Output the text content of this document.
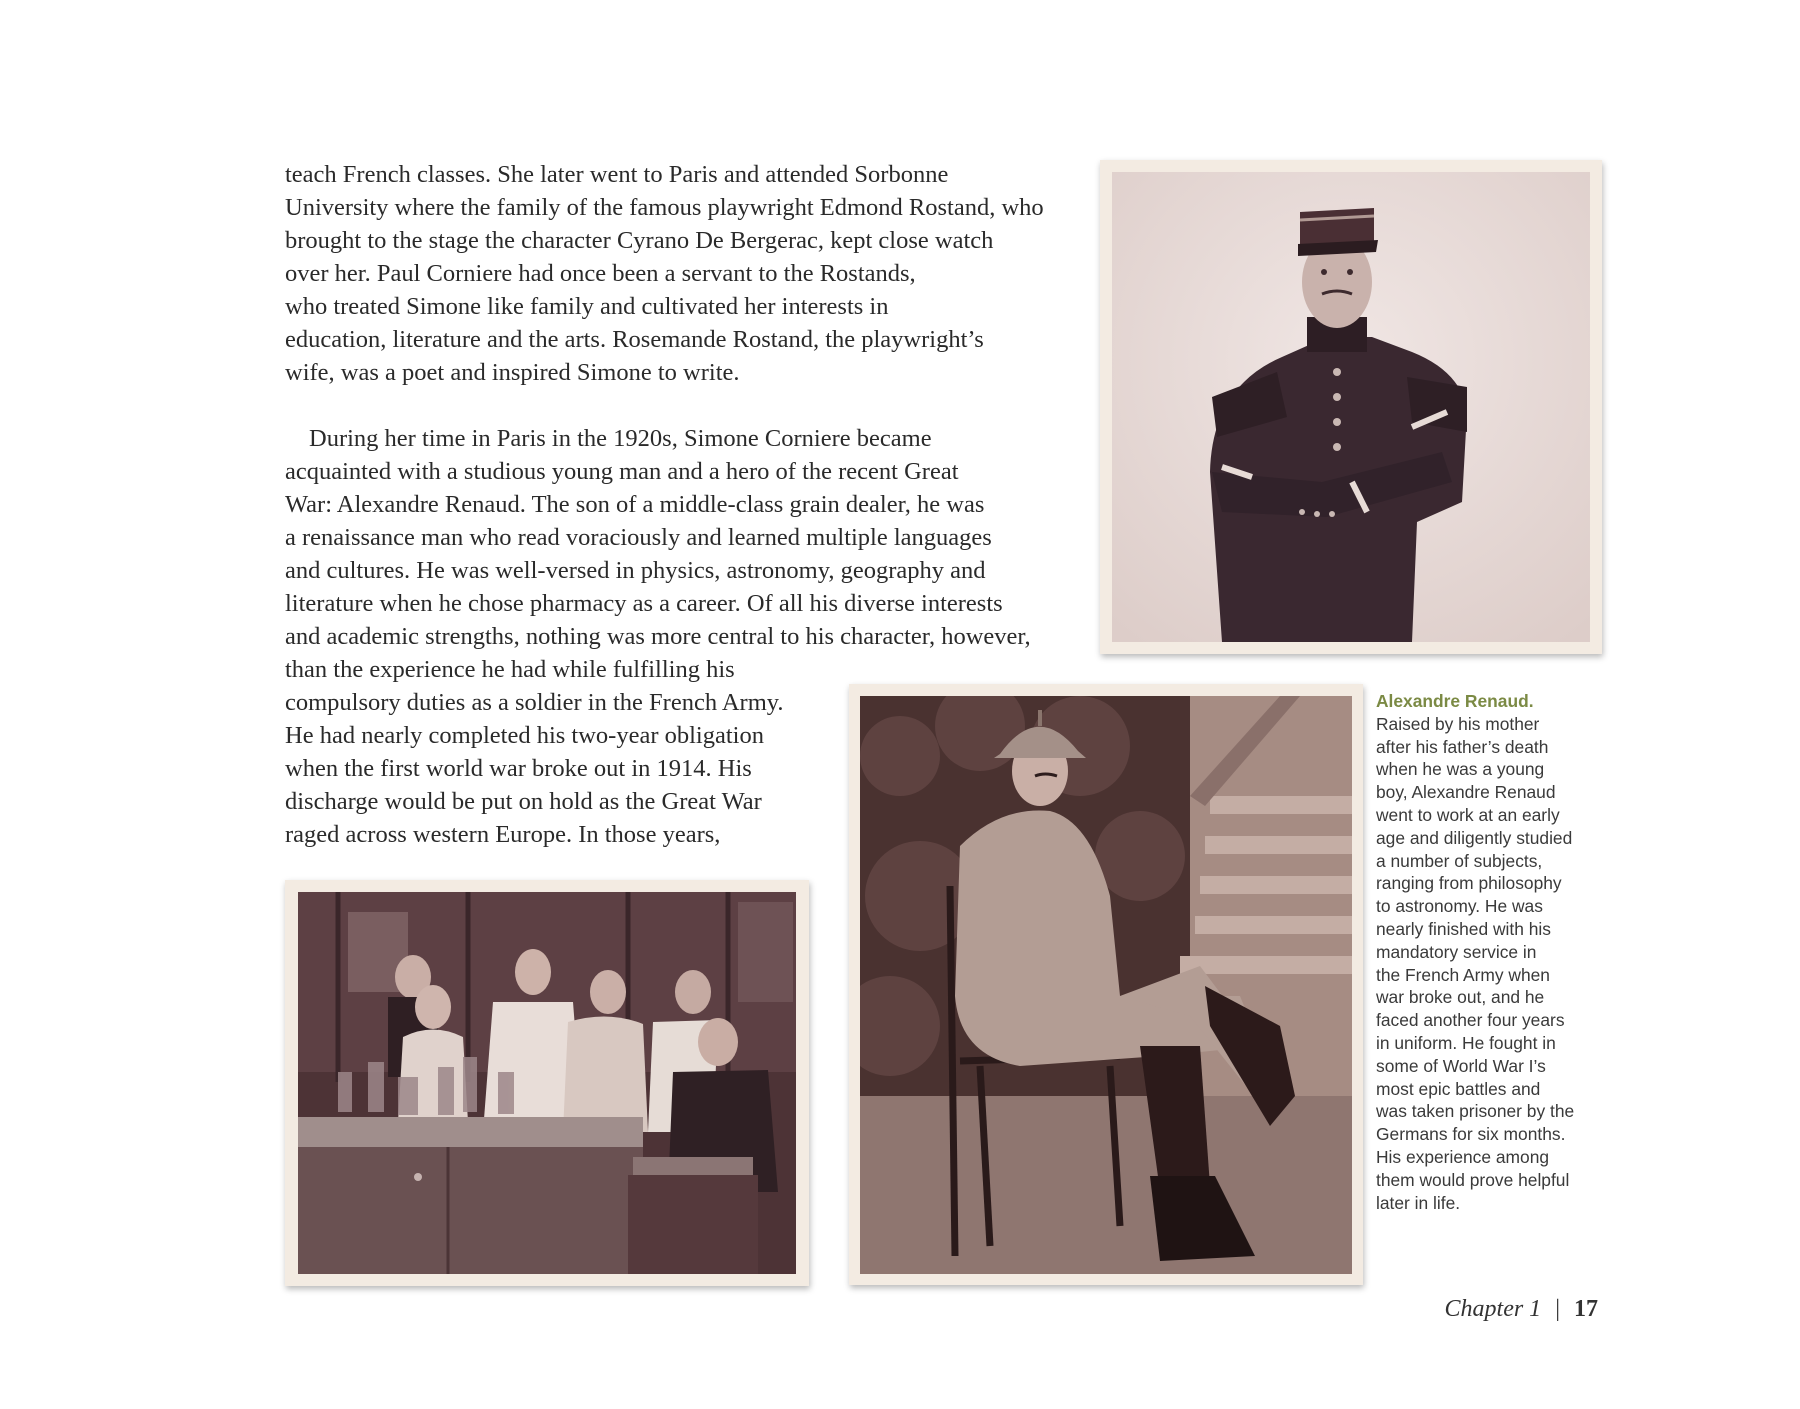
teach French classes. She later went to Paris and attended Sorbonne
University where the family of the famous playwright Edmond Rostand, who
brought to the stage the character Cyrano De Bergerac, kept close watch
over her. Paul Corniere had once been a servant to the Rostands,
who treated Simone like family and cultivated her interests in
education, literature and the arts. Rosemande Rostand, the playwright’s
wife, was a poet and inspired Simone to write.

During her time in Paris in the 1920s, Simone Corniere became
acquainted with a studious young man and a hero of the recent Great
War: Alexandre Renaud. The son of a middle-class grain dealer, he was
a renaissance man who read voraciously and learned multiple languages
and cultures. He was well-versed in physics, astronomy, geography and
literature when he chose pharmacy as a career. Of all his diverse interests
and academic strengths, nothing was more central to his character, however,
than the experience he had while fulfilling his
compulsory duties as a soldier in the French Army.
He had nearly completed his two-year obligation
when the first world war broke out in 1914. His
discharge would be put on hold as the Great War
raged across western Europe. In those years,

Alexandre Renaud.
Raised by his mother
after his father’s death
when he was a young
boy, Alexandre Renaud
went to work at an early
age and diligently studied
a number of subjects,
ranging from philosophy
to astronomy. He was
nearly finished with his
mandatory service in
the French Army when
war broke out, and he
faced another four years
in uniform. He fought in
some of World War I’s
most epic battles and
was taken prisoner by the
Germans for six months.
His experience among
them would prove helpful
later in life.
Chapter 1 | 17
